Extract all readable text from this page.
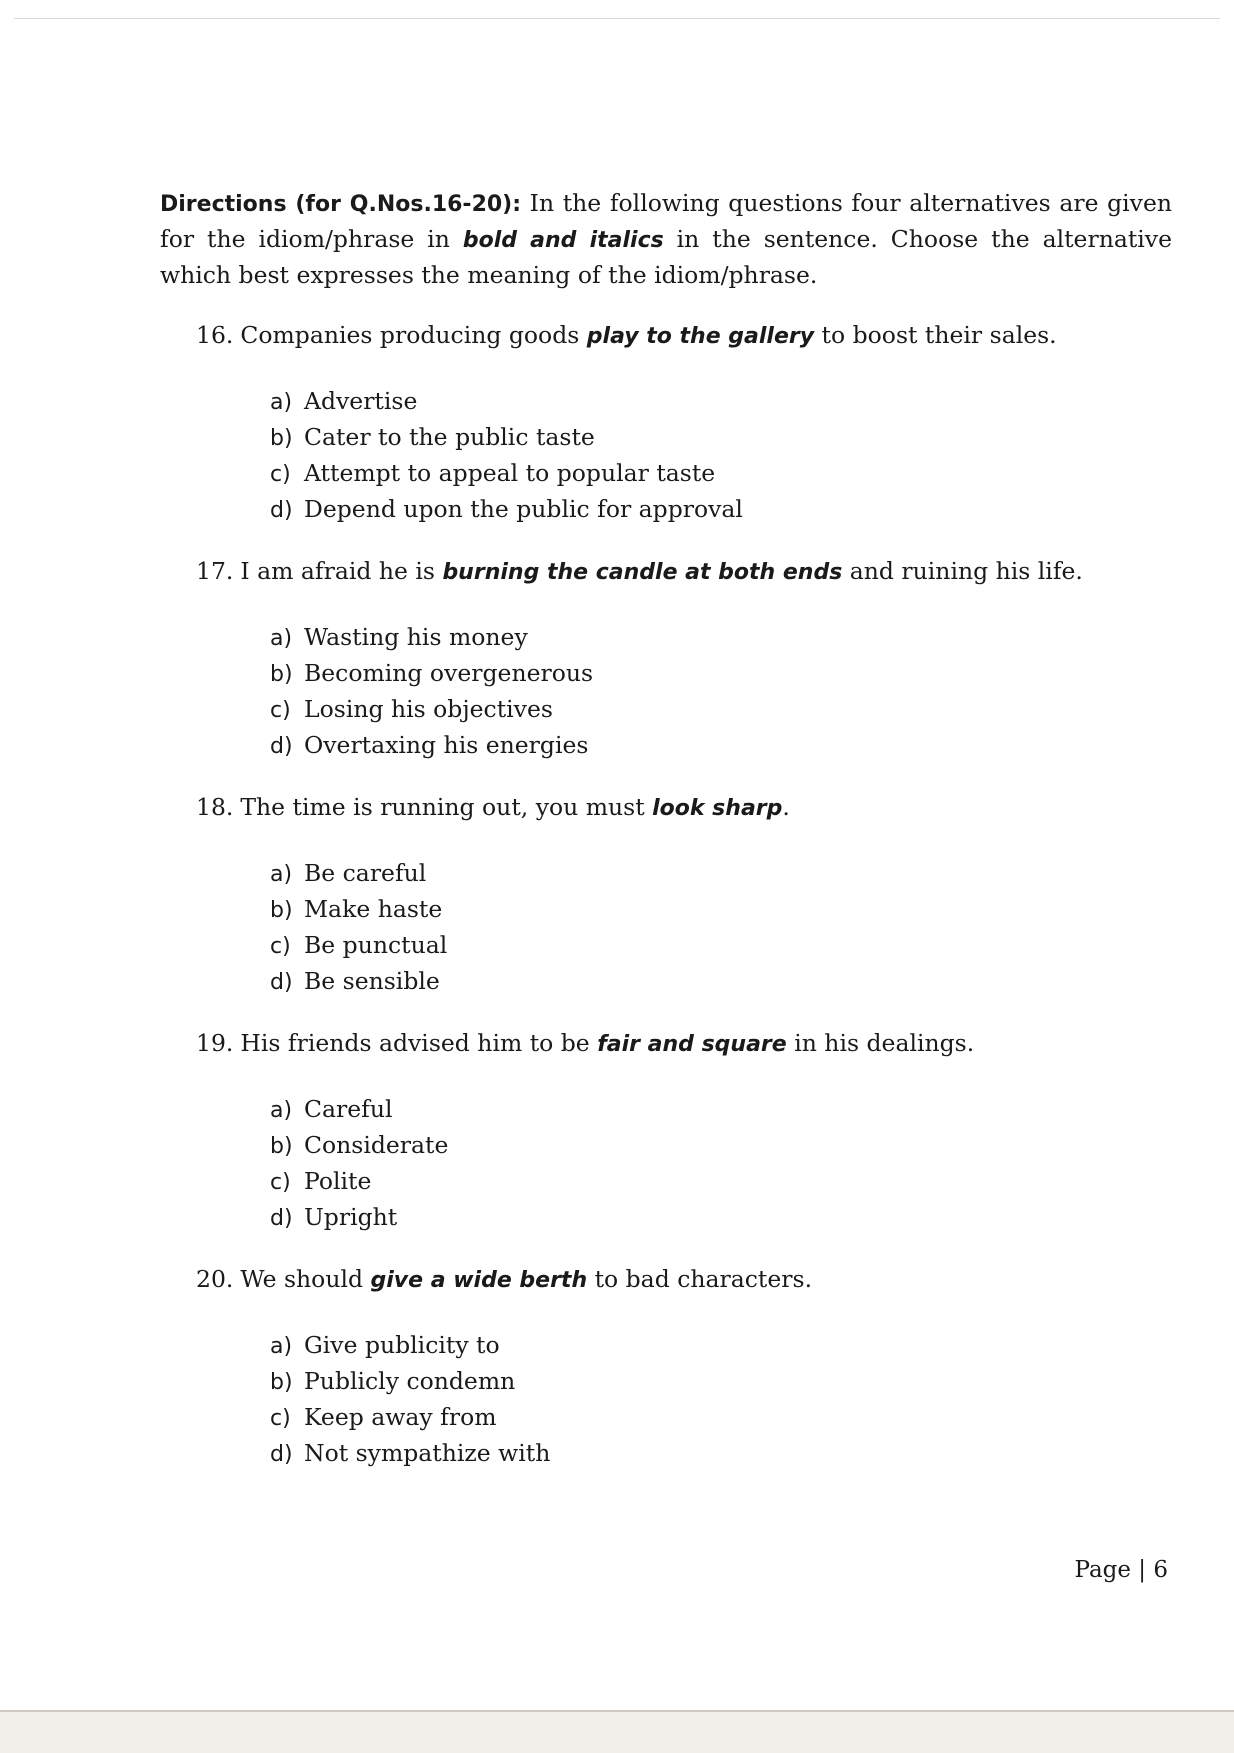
Directions (for Q.Nos.16-20): In the following questions four alternatives are given for the idiom/phrase in bold and italics in the sentence. Choose the alternative which best expresses the meaning of the idiom/phrase.

16. Companies producing goods play to the gallery to boost their sales.

a) Advertise
b) Cater to the public taste
c) Attempt to appeal to popular taste
d) Depend upon the public for approval

17. I am afraid he is burning the candle at both ends and ruining his life.

a) Wasting his money
b) Becoming overgenerous
c) Losing his objectives
d) Overtaxing his energies

18. The time is running out, you must look sharp.

a) Be careful
b) Make haste
c) Be punctual
d) Be sensible

19. His friends advised him to be fair and square in his dealings.

a) Careful
b) Considerate
c) Polite
d) Upright

20. We should give a wide berth to bad characters.

a) Give publicity to
b) Publicly condemn
c) Keep away from
d) Not sympathize with
Page | 6
